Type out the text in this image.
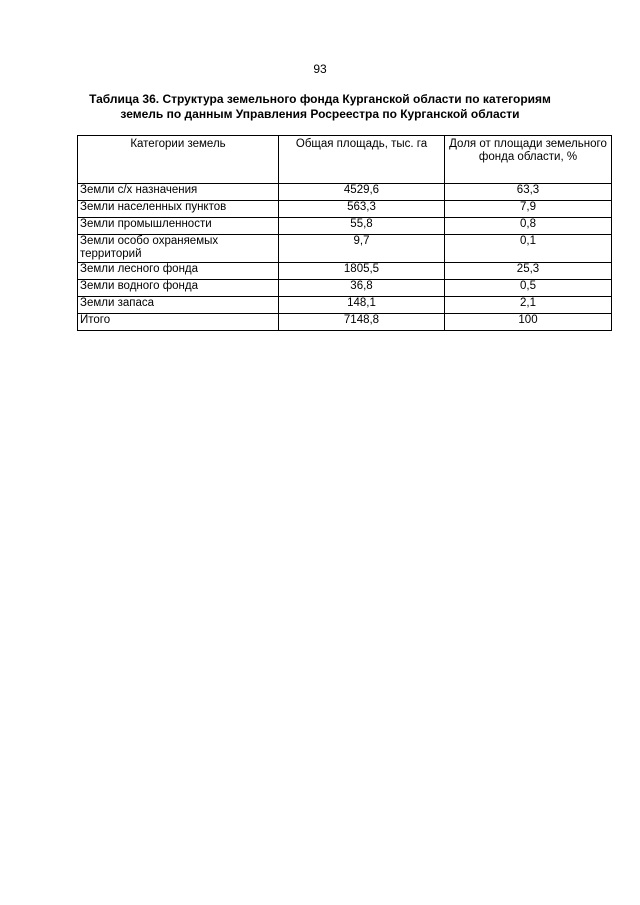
93
Таблица 36. Структура земельного фонда Курганской области по категориям
земель по данным Управления Росреестра по Курганской области
Категории земель	Общая площадь, тыс. га	Доля от площади земельного фонда области, %
Земли с/х назначения	4529,6	63,3
Земли населенных пунктов	563,3	7,9
Земли промышленности	55,8	0,8
Земли особо охраняемых территорий	9,7	0,1
Земли лесного фонда	1805,5	25,3
Земли водного фонда	36,8	0,5
Земли запаса	148,1	2,1
Итого	7148,8	100
